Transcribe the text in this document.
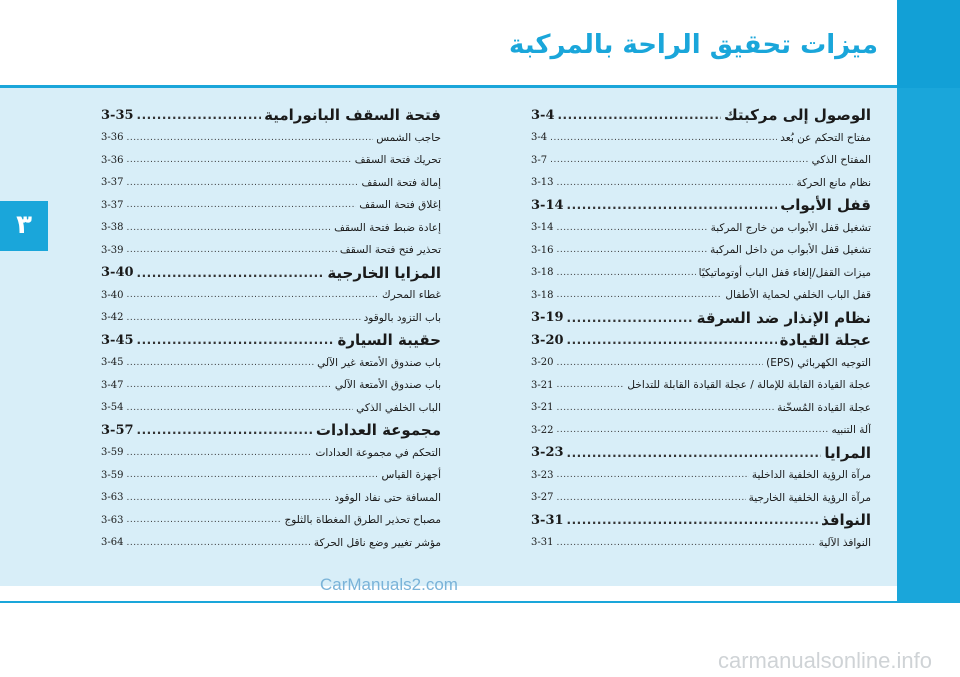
ميزات تحقيق الراحة بالمركبة
٣
3-35 .....	فتحة السقف البانورامية
3-36 .....	حاجب الشمس
3-36 .....	تحريك فتحة السقف
3-37 .....	إمالة فتحة السقف
3-37 .....	إغلاق فتحة السقف
3-38 .....	إعادة ضبط فتحة السقف
3-39 .....	تحذير فتح فتحة السقف
3-40 .....	المزايا الخارجية
3-40 .....	غطاء المحرك
3-42 .....	باب التزود بالوقود
3-45 .....	حقيبة السيارة
3-45 .....	باب صندوق الأمتعة غير الآلي
3-47 .....	باب صندوق الأمتعة الآلي
3-54 .....	الباب الخلفي الذكي
3-57 .....	مجموعة العدادات
3-59 .....	التحكم في مجموعة العدادات
3-59 .....	أجهزة القياس
3-63 .....	المسافة حتى نفاد الوقود
3-63 .....	مصباح تحذير الطرق المغطاة بالثلوج
3-64 .....	مؤشر تغيير وضع ناقل الحركة
3-4 .....	الوصول إلى مركبتك
3-4 .....	مفتاح التحكم عن بُعد
3-7 .....	المفتاح الذكي
3-13 .....	نظام مانع الحركة
3-14 .....	قفل الأبواب
3-14 .....	تشغيل قفل الأبواب من خارج المركبة
3-16 .....	تشغيل قفل الأبواب من داخل المركبة
3-18 .....	ميزات القفل/إلغاء قفل الباب أوتوماتيكيًا
3-18 .....	قفل الباب الخلفي لحماية الأطفال
3-19 .....	نظام الإنذار ضد السرقة
3-20 .....	عجلة القيادة
3-20 .....	التوجيه الكهربائي (EPS)
3-21 .....	عجلة القيادة القابلة للإمالة / عجلة القيادة القابلة للتداخل
3-21 .....	عجلة القيادة المُسخّنة
3-22 .....	آلة التنبيه
3-23 .....	المرايا
3-23 .....	مرآة الرؤية الخلفية الداخلية
3-27 .....	مرآة الرؤية الخلفية الخارجية
3-31 .....	النوافذ
3-31 .....	النوافذ الآلية
CarManuals2.com
carmanualsonline.info
